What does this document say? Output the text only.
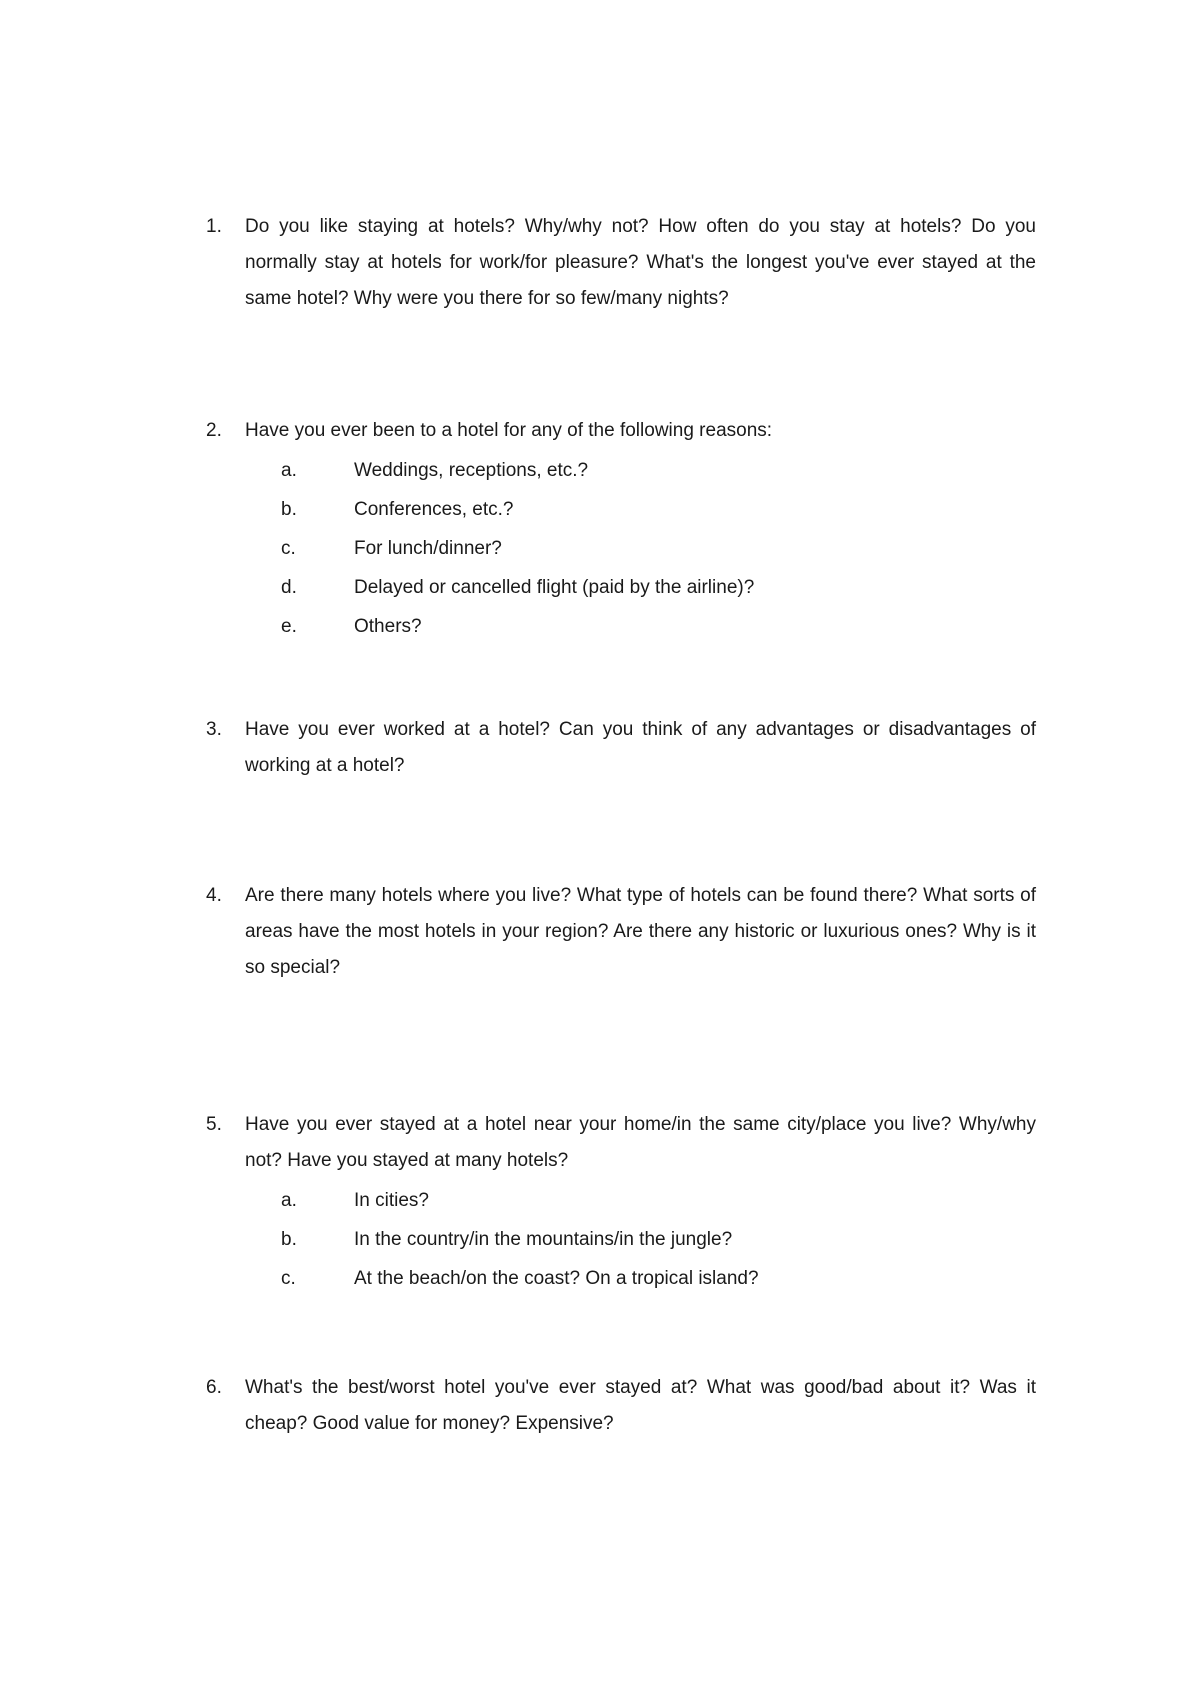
1.	Do you like staying at hotels? Why/why not? How often do you stay at hotels? Do you normally stay at hotels for work/for pleasure? What's the longest you've ever stayed at the same hotel? Why were you there for so few/many nights?
2.	Have you ever been to a hotel for any of the following reasons:
a.	Weddings, receptions, etc.?
b.	Conferences, etc.?
c.	For lunch/dinner?
d.	Delayed or cancelled flight (paid by the airline)?
e.	Others?
3.	Have you ever worked at a hotel? Can you think of any advantages or disadvantages of working at a hotel?
4.	Are there many hotels where you live? What type of hotels can be found there? What sorts of areas have the most hotels in your region? Are there any historic or luxurious ones? Why is it so special?
5.	Have you ever stayed at a hotel near your home/in the same city/place you live? Why/why not? Have you stayed at many hotels?
a.	In cities?
b.	In the country/in the mountains/in the jungle?
c.	At the beach/on the coast? On a tropical island?
6.	What's the best/worst hotel you've ever stayed at? What was good/bad about it? Was it cheap? Good value for money? Expensive?
